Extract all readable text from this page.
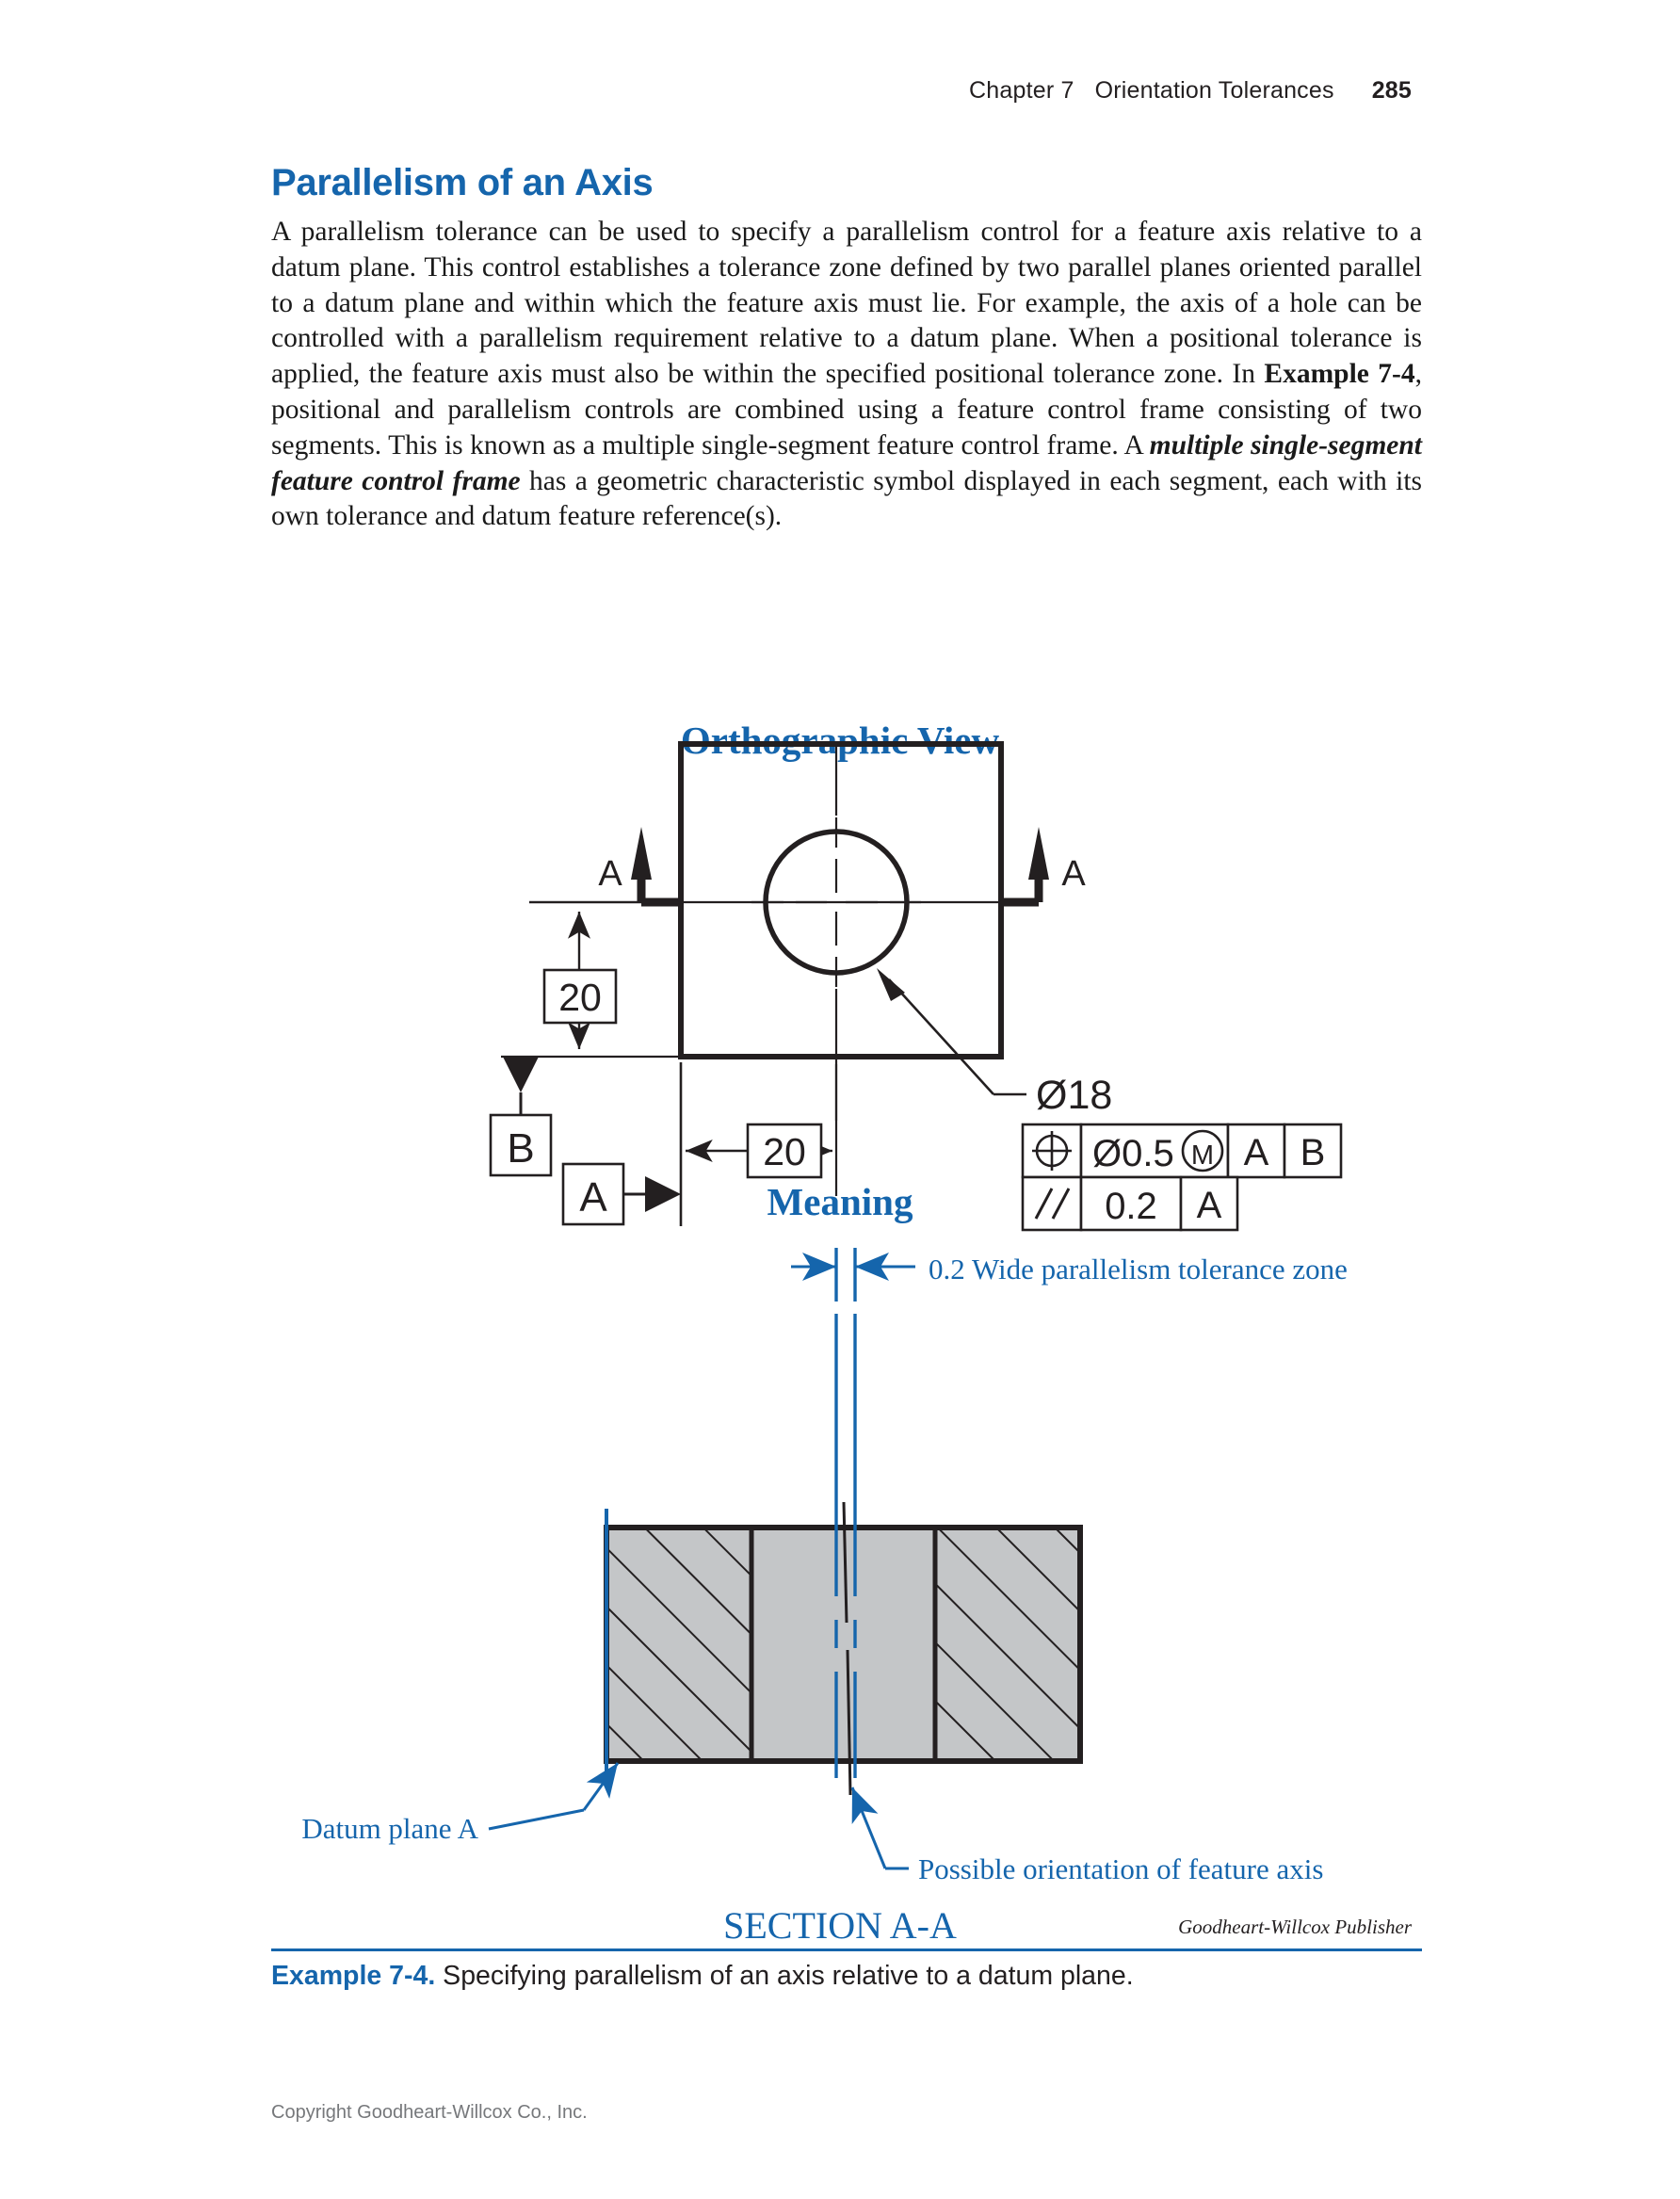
Chapter 7 Orientation Tolerances 285
Parallelism of an Axis

A parallelism tolerance can be used to specify a parallelism control for a feature axis relative to a datum plane. This control establishes a tolerance zone defined by two parallel planes oriented parallel to a datum plane and within which the feature axis must lie. For example, the axis of a hole can be controlled with a parallelism requirement relative to a datum plane. When a positional tolerance is applied, the feature axis must also be within the specified positional tolerance zone. In Example 7-4, positional and parallelism controls are combined using a feature control frame consisting of two segments. This is known as a multiple single-segment feature control frame. A multiple single-segment feature control frame has a geometric characteristic symbol displayed in each segment, each with its own tolerance and datum feature reference(s).

Orthographic View
A	A
20
B	20
A
Ø18
Ø0.5 M A B
0.2 A
Meaning
0.2 Wide parallelism tolerance zone
Datum plane A
Possible orientation of feature axis
SECTION A-A	Goodheart-Willcox Publisher
Example 7-4. Specifying parallelism of an axis relative to a datum plane.
Copyright Goodheart-Willcox Co., Inc.
